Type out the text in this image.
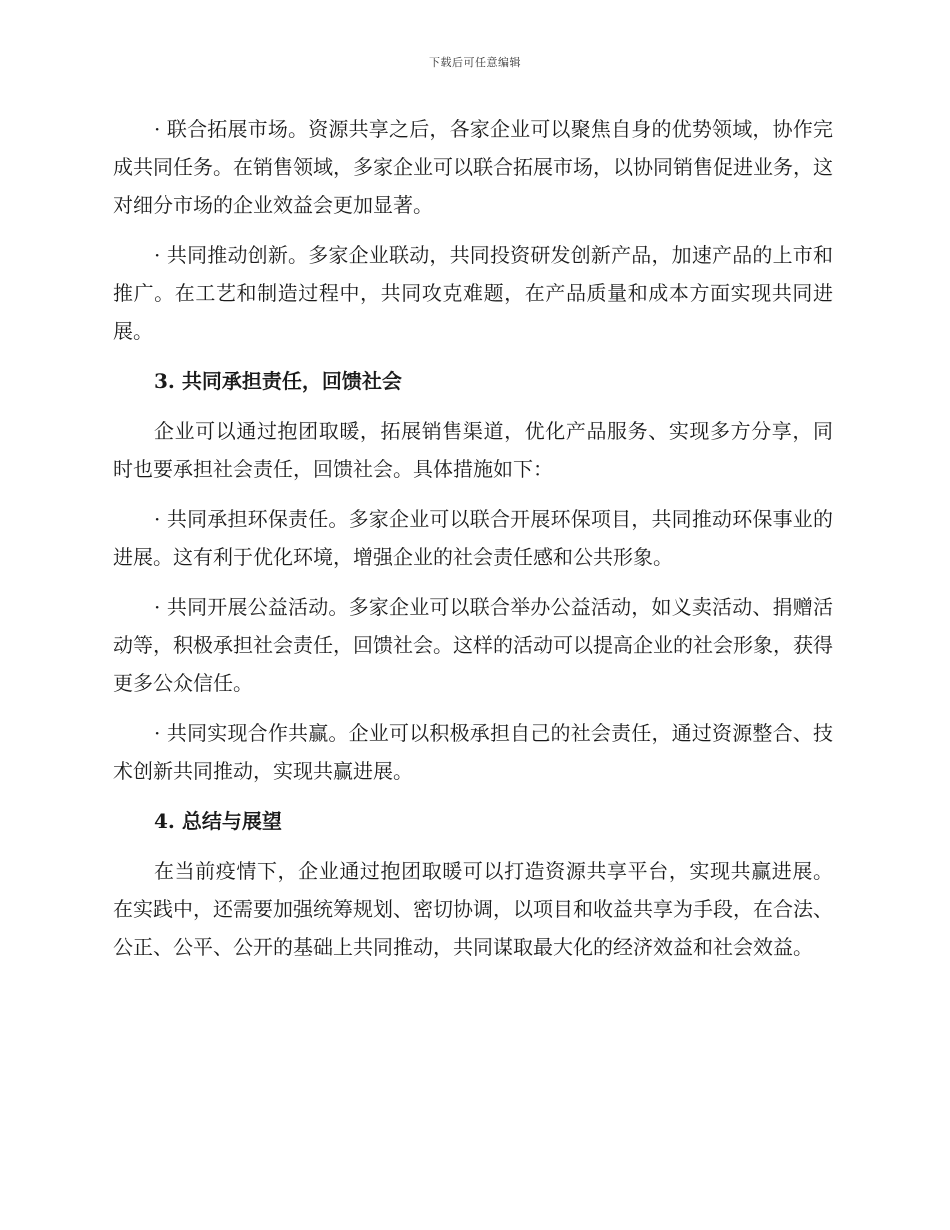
下载后可任意编辑

· 联合拓展市场。资源共享之后，各家企业可以聚焦自身的优势领域，协作完成共同任务。在销售领域，多家企业可以联合拓展市场，以协同销售促进业务，这对细分市场的企业效益会更加显著。

· 共同推动创新。多家企业联动，共同投资研发创新产品，加速产品的上市和推广。在工艺和制造过程中，共同攻克难题，在产品质量和成本方面实现共同进展。

3. 共同承担责任，回馈社会

企业可以通过抱团取暖，拓展销售渠道，优化产品服务、实现多方分享，同时也要承担社会责任，回馈社会。具体措施如下：

· 共同承担环保责任。多家企业可以联合开展环保项目，共同推动环保事业的进展。这有利于优化环境，增强企业的社会责任感和公共形象。

· 共同开展公益活动。多家企业可以联合举办公益活动，如义卖活动、捐赠活动等，积极承担社会责任，回馈社会。这样的活动可以提高企业的社会形象，获得更多公众信任。

· 共同实现合作共赢。企业可以积极承担自己的社会责任，通过资源整合、技术创新共同推动，实现共赢进展。

4. 总结与展望

在当前疫情下，企业通过抱团取暖可以打造资源共享平台，实现共赢进展。在实践中，还需要加强统筹规划、密切协调，以项目和收益共享为手段，在合法、公正、公平、公开的基础上共同推动，共同谋取最大化的经济效益和社会效益。
